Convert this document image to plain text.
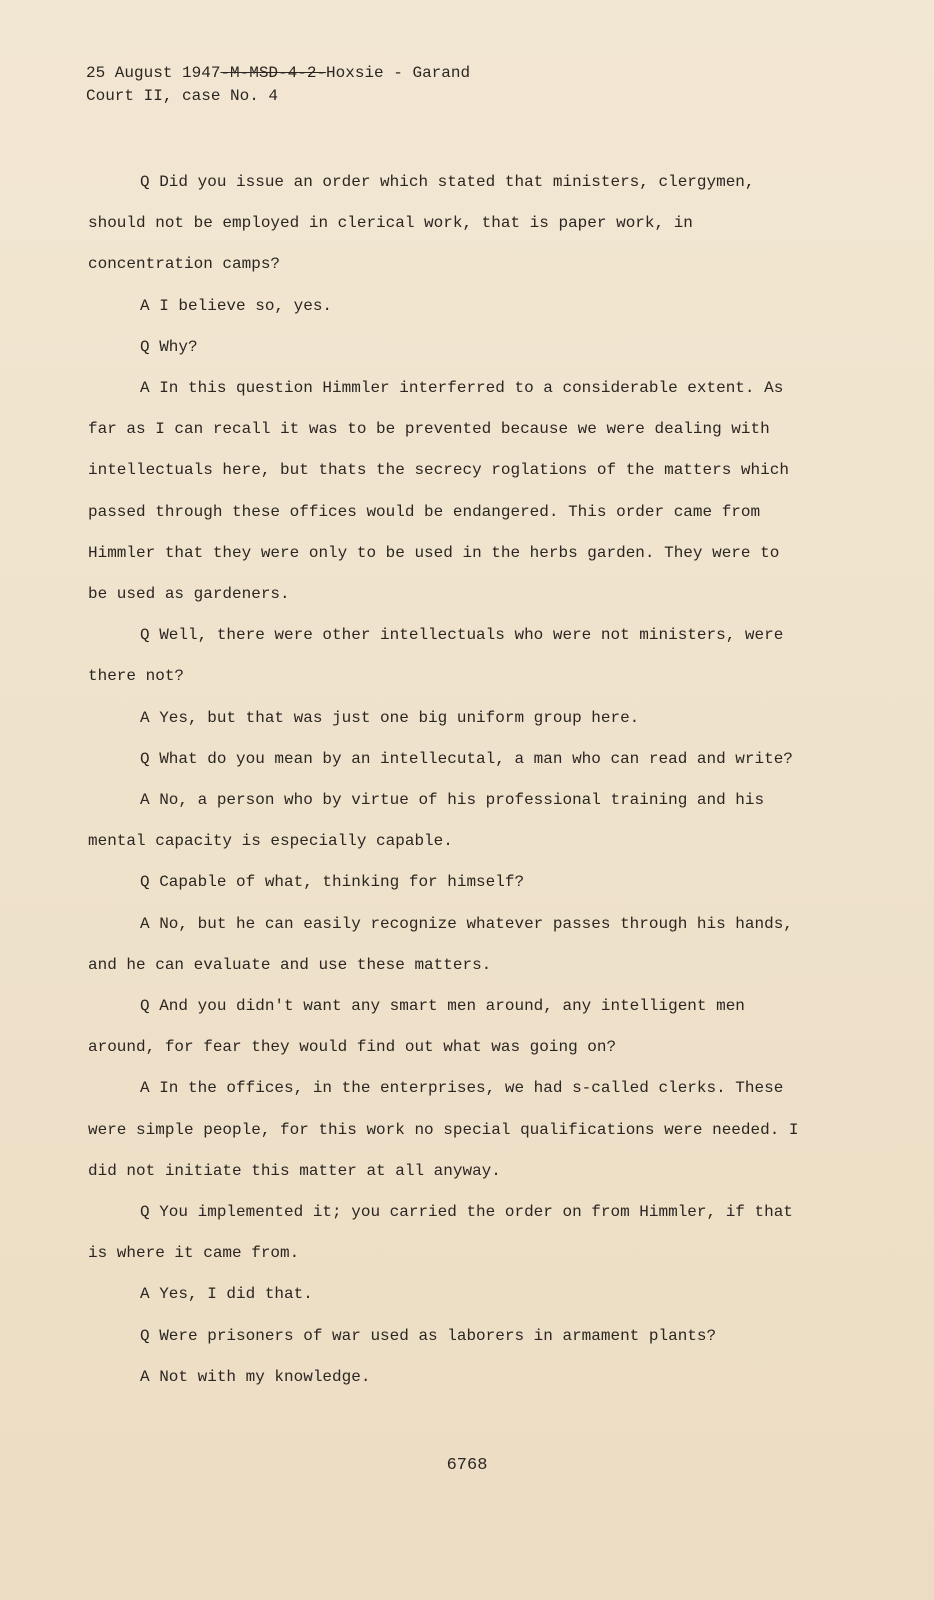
25 August 1947-M-MSD-4-2-Hoxsie - Garand
Court II, case No. 4

Q Did you issue an order which stated that ministers, clergymen, should not be employed in clerical work, that is paper work, in concentration camps?

A I believe so, yes.

Q Why?

A In this question Himmler interferred to a considerable extent. As far as I can recall it was to be prevented because we were dealing with intellectuals here, but thats the secrecy roglations of the matters which passed through these offices would be endangered. This order came from Himmler that they were only to be used in the herbs garden. They were to be used as gardeners.

Q Well, there were other intellectuals who were not ministers, were there not?

A Yes, but that was just one big uniform group here.

Q What do you mean by an intellecutal, a man who can read and write?

A No, a person who by virtue of his professional training and his mental capacity is especially capable.

Q Capable of what, thinking for himself?

A No, but he can easily recognize whatever passes through his hands, and he can evaluate and use these matters.

Q And you didn't want any smart men around, any intelligent men around, for fear they would find out what was going on?

A In the offices, in the enterprises, we had s-called clerks. These were simple people, for this work no special qualifications were needed. I did not initiate this matter at all anyway.

Q You implemented it; you carried the order on from Himmler, if that is where it came from.

A Yes, I did that.

Q Were prisoners of war used as laborers in armament plants?

A Not with my knowledge.

6768
